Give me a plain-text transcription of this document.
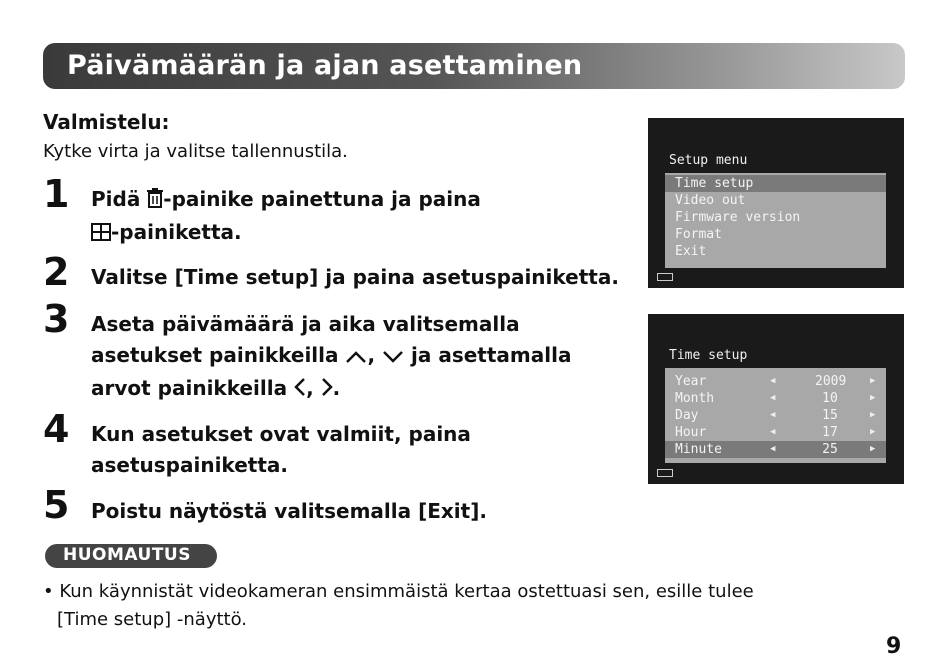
Päivämäärän ja ajan asettaminen
Valmistelu:
Kytke virta ja valitse tallennustila.
1 Pidä -painike painettuna ja paina
-painiketta.
2 Valitse [Time setup] ja paina asetuspainiketta.
3 Aseta päivämäärä ja aika valitsemalla
asetukset painikkeilla ,  ja asettamalla
arvot painikkeilla , .
4 Kun asetukset ovat valmiit, paina
asetuspainiketta.
5 Poistu näytöstä valitsemalla [Exit].
Setup menu
Time setup
Video out
Firmware version
Format
Exit
Time setup
Year	◀	2009	▶
Month	◀	10	▶
Day	◀	15	▶
Hour	◀	17	▶
Minute	◀	25	▶
HUOMAUTUS
• Kun käynnistät videokameran ensimmäistä kertaa ostettuasi sen, esille tulee
[Time setup] -näyttö.
9
